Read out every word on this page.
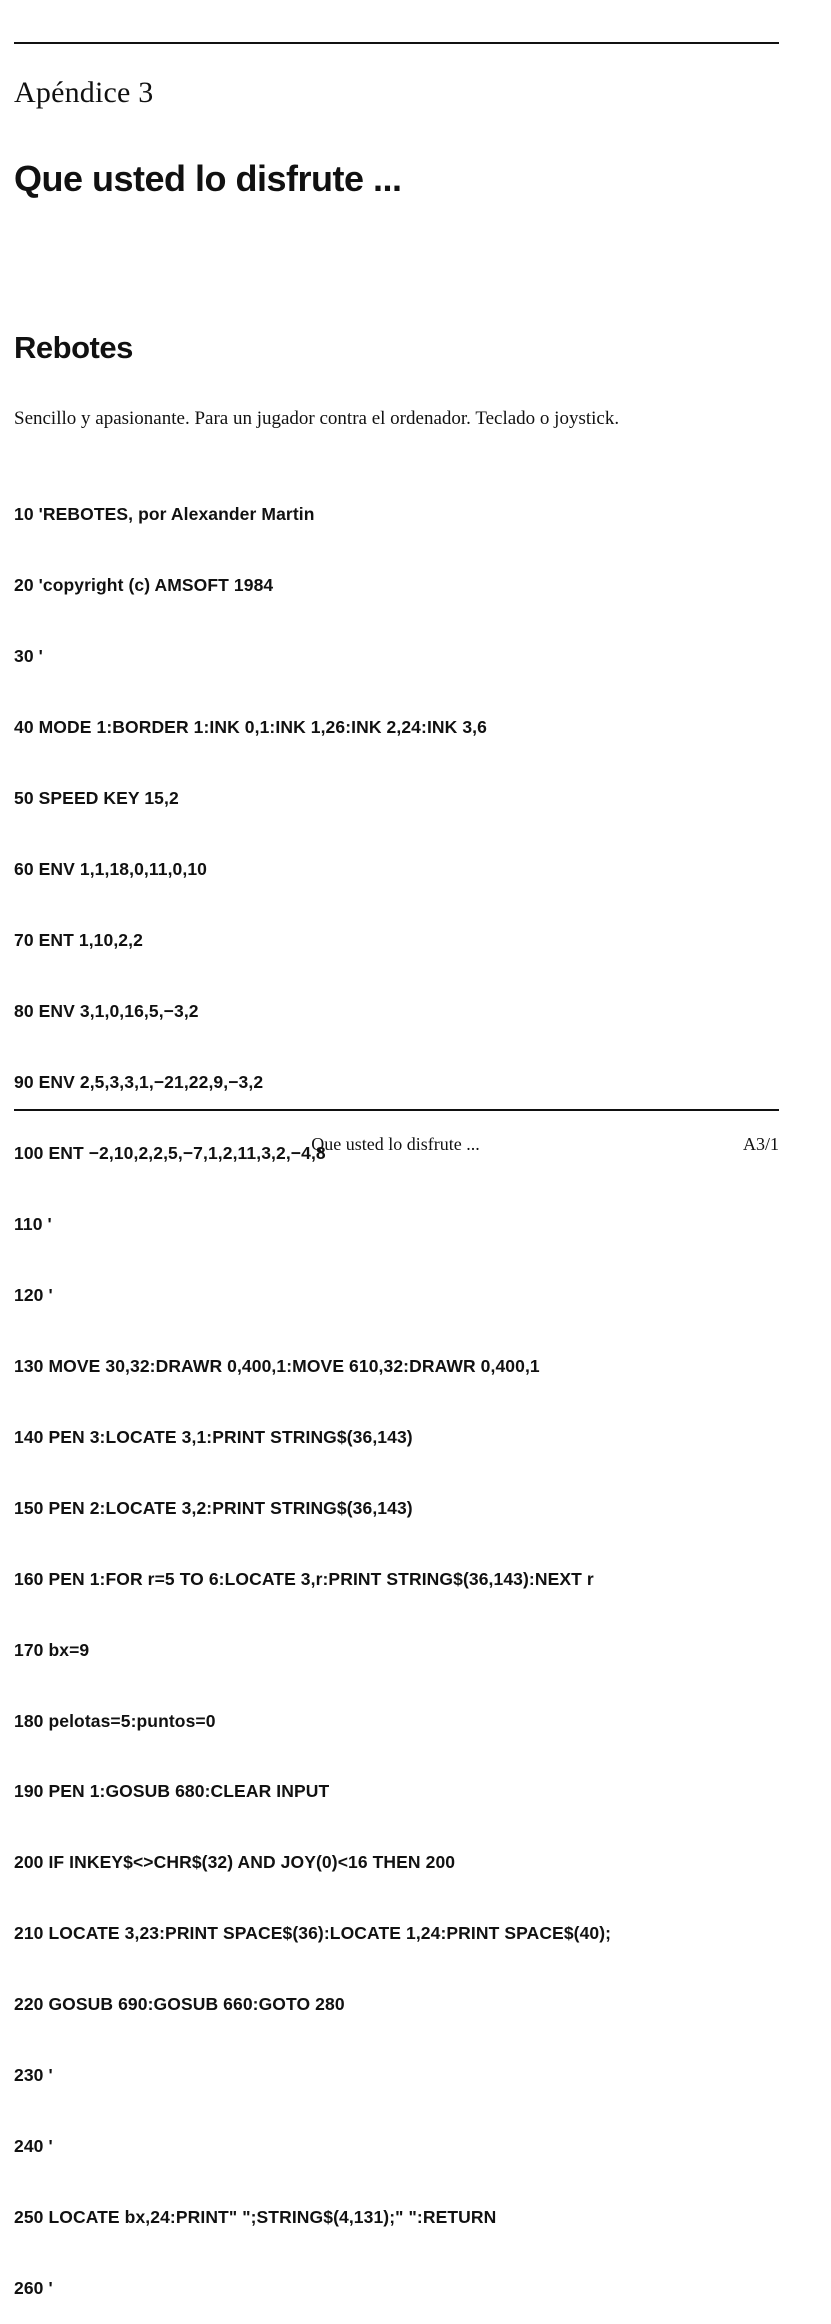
Apéndice 3
Que usted lo disfrute ...
Rebotes

Sencillo y apasionante. Para un jugador contra el ordenador. Teclado o joystick.

10 'REBOTES, por Alexander Martin

20 'copyright (c) AMSOFT 1984

30 '

40 MODE 1:BORDER 1:INK 0,1:INK 1,26:INK 2,24:INK 3,6

50 SPEED KEY 15,2

60 ENV 1,1,18,0,11,0,10

70 ENT 1,10,2,2

80 ENV 3,1,0,16,5,−3,2

90 ENV 2,5,3,3,1,−21,22,9,−3,2

100 ENT −2,10,2,2,5,−7,1,2,11,3,2,−4,8

110 '

120 '

130 MOVE 30,32:DRAWR 0,400,1:MOVE 610,32:DRAWR 0,400,1

140 PEN 3:LOCATE 3,1:PRINT STRING$(36,143)

150 PEN 2:LOCATE 3,2:PRINT STRING$(36,143)

160 PEN 1:FOR r=5 TO 6:LOCATE 3,r:PRINT STRING$(36,143):NEXT r

170 bx=9

180 pelotas=5:puntos=0

190 PEN 1:GOSUB 680:CLEAR INPUT

200 IF INKEY$<>CHR$(32) AND JOY(0)<16 THEN 200

210 LOCATE 3,23:PRINT SPACE$(36):LOCATE 1,24:PRINT SPACE$(40);

220 GOSUB 690:GOSUB 660:GOTO 280

230 '

240 '

250 LOCATE bx,24:PRINT" ";STRING$(4,131);" ":RETURN

260 '

Que usted lo disfrute ...	A3/1
